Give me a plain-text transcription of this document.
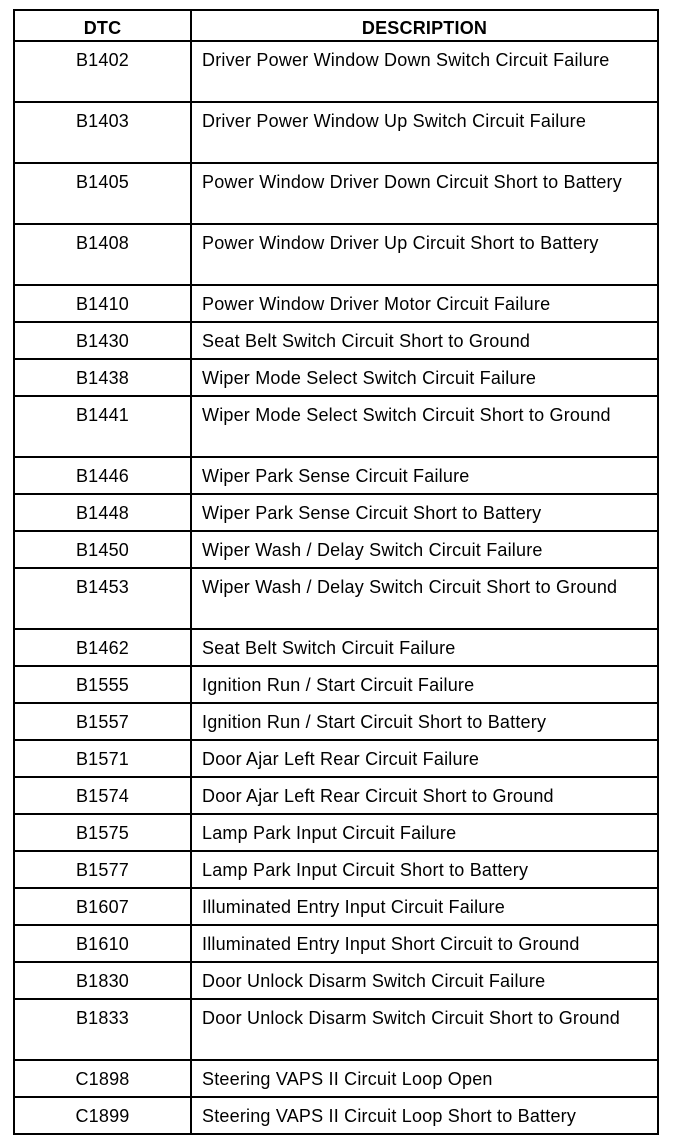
DTC	DESCRIPTION
B1402	Driver Power Window Down Switch Circuit Failure
B1403	Driver Power Window Up Switch Circuit Failure
B1405	Power Window Driver Down Circuit Short to Battery
B1408	Power Window Driver Up Circuit Short to Battery
B1410	Power Window Driver Motor Circuit Failure
B1430	Seat Belt Switch Circuit Short to Ground
B1438	Wiper Mode Select Switch Circuit Failure
B1441	Wiper Mode Select Switch Circuit Short to Ground
B1446	Wiper Park Sense Circuit Failure
B1448	Wiper Park Sense Circuit Short to Battery
B1450	Wiper Wash / Delay Switch Circuit Failure
B1453	Wiper Wash / Delay Switch Circuit Short to Ground
B1462	Seat Belt Switch Circuit Failure
B1555	Ignition Run / Start Circuit Failure
B1557	Ignition Run / Start Circuit Short to Battery
B1571	Door Ajar Left Rear Circuit Failure
B1574	Door Ajar Left Rear Circuit Short to Ground
B1575	Lamp Park Input Circuit Failure
B1577	Lamp Park Input Circuit Short to Battery
B1607	Illuminated Entry Input Circuit Failure
B1610	Illuminated Entry Input Short Circuit to Ground
B1830	Door Unlock Disarm Switch Circuit Failure
B1833	Door Unlock Disarm Switch Circuit Short to Ground
C1898	Steering VAPS II Circuit Loop Open
C1899	Steering VAPS II Circuit Loop Short to Battery
